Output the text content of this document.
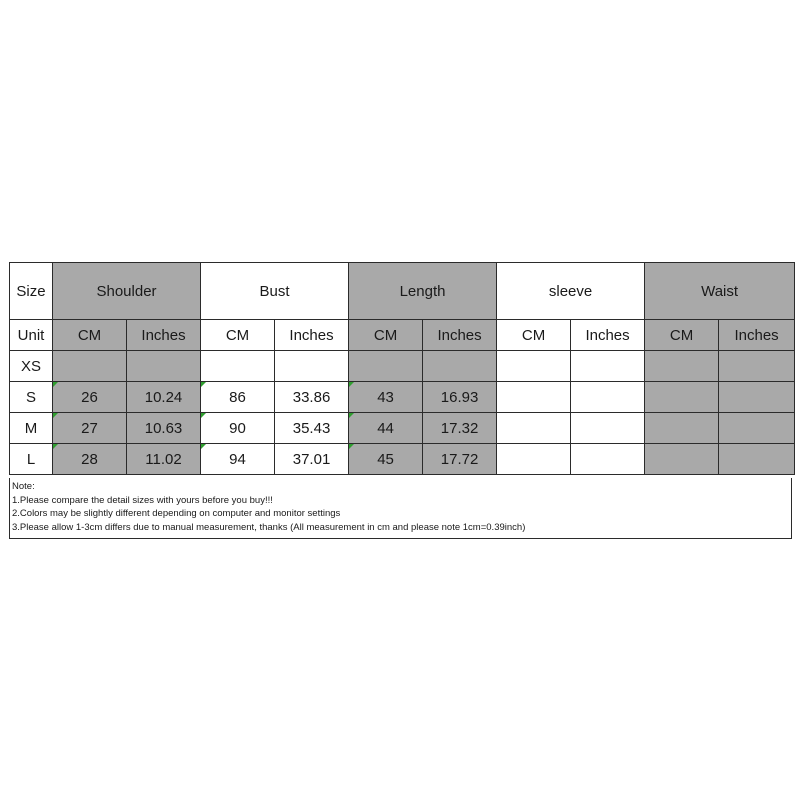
Size	Shoulder		Bust		Length		sleeve		Waist	
Unit	CM	Inches	CM	Inches	CM	Inches	CM	Inches	CM	Inches
XS										
S	26	10.24	86	33.86	43	16.93				
M	27	10.63	90	35.43	44	17.32				
L	28	11.02	94	37.01	45	17.72				
Note:
1.Please compare the detail sizes with yours before you buy!!!
2.Colors may be slightly different depending on computer and monitor settings
3.Please allow 1-3cm differs due to manual measurement, thanks (All measurement in cm and please note 1cm=0.39inch)
